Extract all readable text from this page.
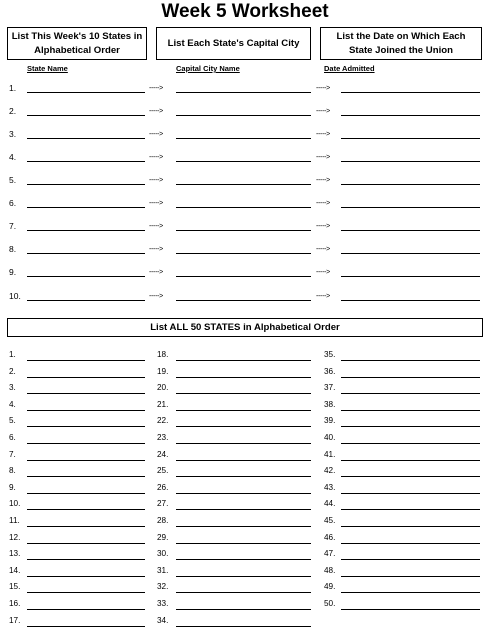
Week 5 Worksheet
List This Week's 10 States in Alphabetical Order
List Each State's Capital City
List the Date on Which Each State Joined the Union
State Name	Capital City Name	Date Admitted
1.	----->	----->
2.	----->	----->
3.	----->	----->
4.	----->	----->
5.	----->	----->
6.	----->	----->
7.	----->	----->
8.	----->	----->
9.	----->	----->
10.	----->	----->
List ALL 50 STATES in Alphabetical Order
1.
2.
3.
4.
5.
6.
7.
8.
9.
10.
11.
12.
13.
14.
15.
16.
17.
18.
19.
20.
21.
22.
23.
24.
25.
26.
27.
28.
29.
30.
31.
32.
33.
34.
35.
36.
37.
38.
39.
40.
41.
42.
43.
44.
45.
46.
47.
48.
49.
50.
